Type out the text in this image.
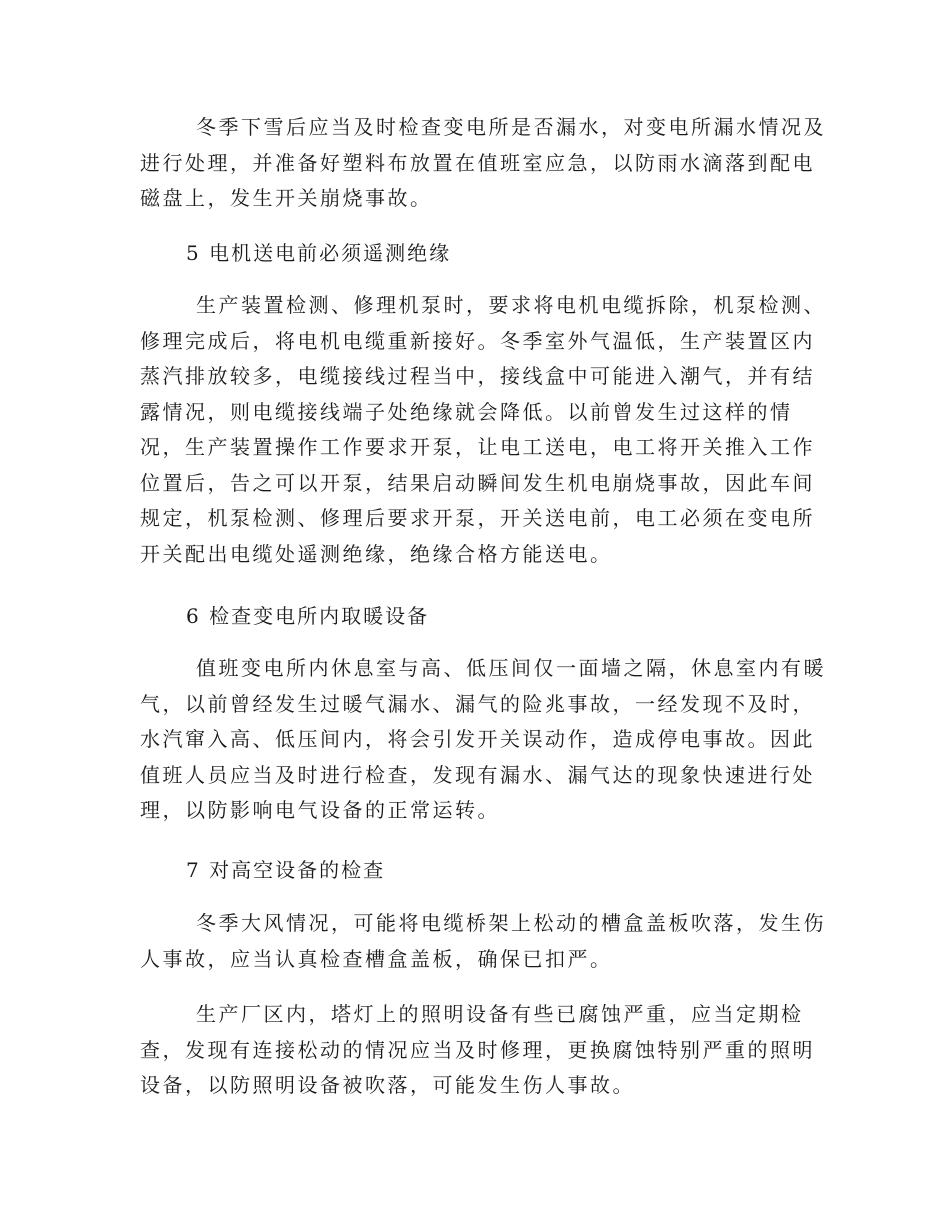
冬季下雪后应当及时检查变电所是否漏水，对变电所漏水情况及
进行处理，并准备好塑料布放置在值班室应急，以防雨水滴落到配电
磁盘上，发生开关崩烧事故。

5 电机送电前必须遥测绝缘

生产装置检测、修理机泵时，要求将电机电缆拆除，机泵检测、
修理完成后，将电机电缆重新接好。冬季室外气温低，生产装置区内
蒸汽排放较多，电缆接线过程当中，接线盒中可能进入潮气，并有结
露情况，则电缆接线端子处绝缘就会降低。以前曾发生过这样的情
况，生产装置操作工作要求开泵，让电工送电，电工将开关推入工作
位置后，告之可以开泵，结果启动瞬间发生机电崩烧事故，因此车间
规定，机泵检测、修理后要求开泵，开关送电前，电工必须在变电所
开关配出电缆处遥测绝缘，绝缘合格方能送电。

6 检查变电所内取暖设备

值班变电所内休息室与高、低压间仅一面墙之隔，休息室内有暖
气，以前曾经发生过暖气漏水、漏气的险兆事故，一经发现不及时，
水汽窜入高、低压间内，将会引发开关误动作，造成停电事故。因此
值班人员应当及时进行检查，发现有漏水、漏气达的现象快速进行处
理，以防影响电气设备的正常运转。

7 对高空设备的检查

冬季大风情况，可能将电缆桥架上松动的槽盒盖板吹落，发生伤
人事故，应当认真检查槽盒盖板，确保已扣严。

生产厂区内，塔灯上的照明设备有些已腐蚀严重，应当定期检
查，发现有连接松动的情况应当及时修理，更换腐蚀特别严重的照明
设备，以防照明设备被吹落，可能发生伤人事故。
